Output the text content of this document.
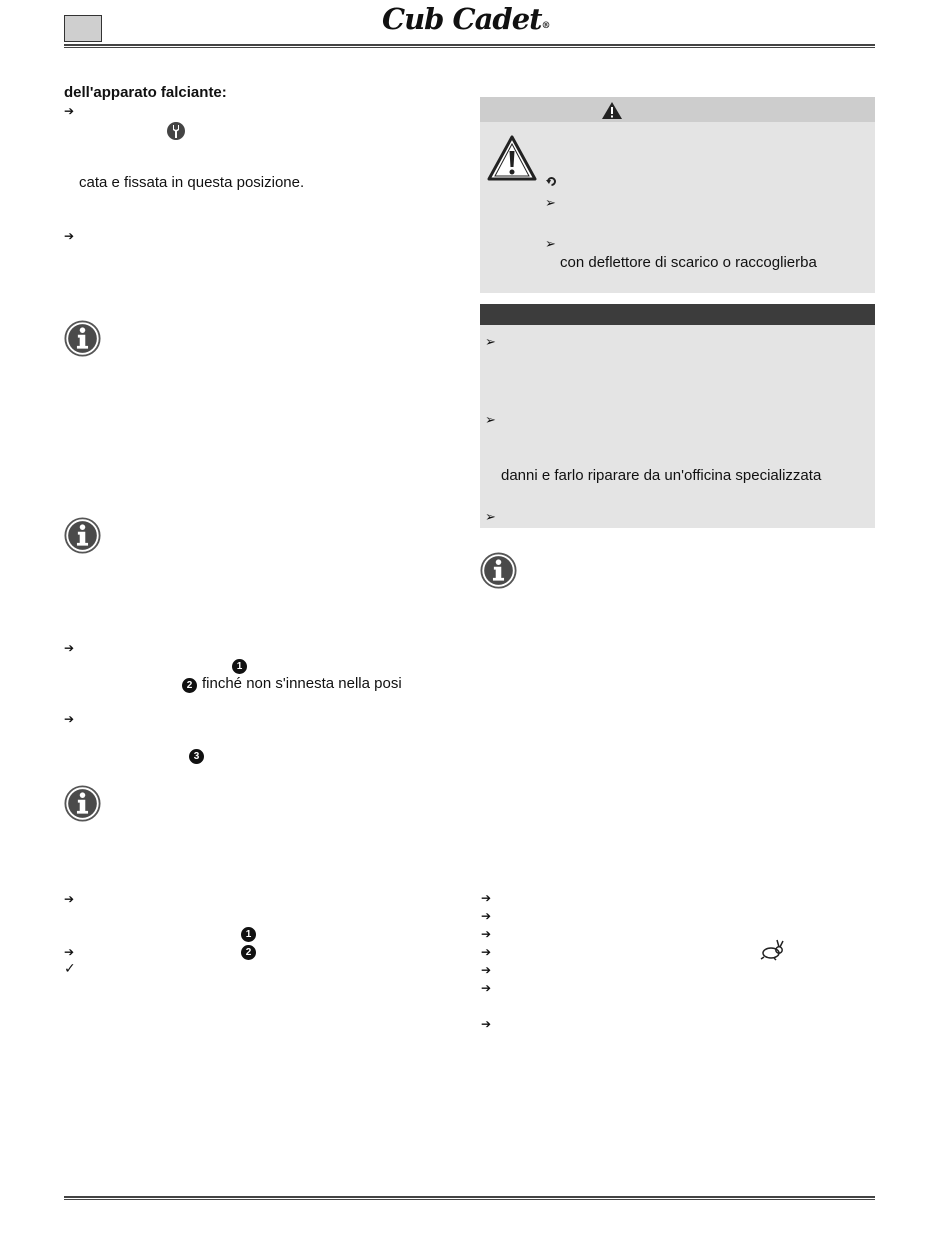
Cub Cadet®
dell'apparato falciante:
➔
cata e fissata in questa posizione.
➔
➔
1
2 finché non s'innesta nella posi
➔
3
➔
1
➔	2
✓
➢
➢
con deflettore di scarico o raccoglierba
➢
➢
danni e farlo riparare da un'officina specializzata
➢
➔
➔
➔
➔
➔
➔
➔
